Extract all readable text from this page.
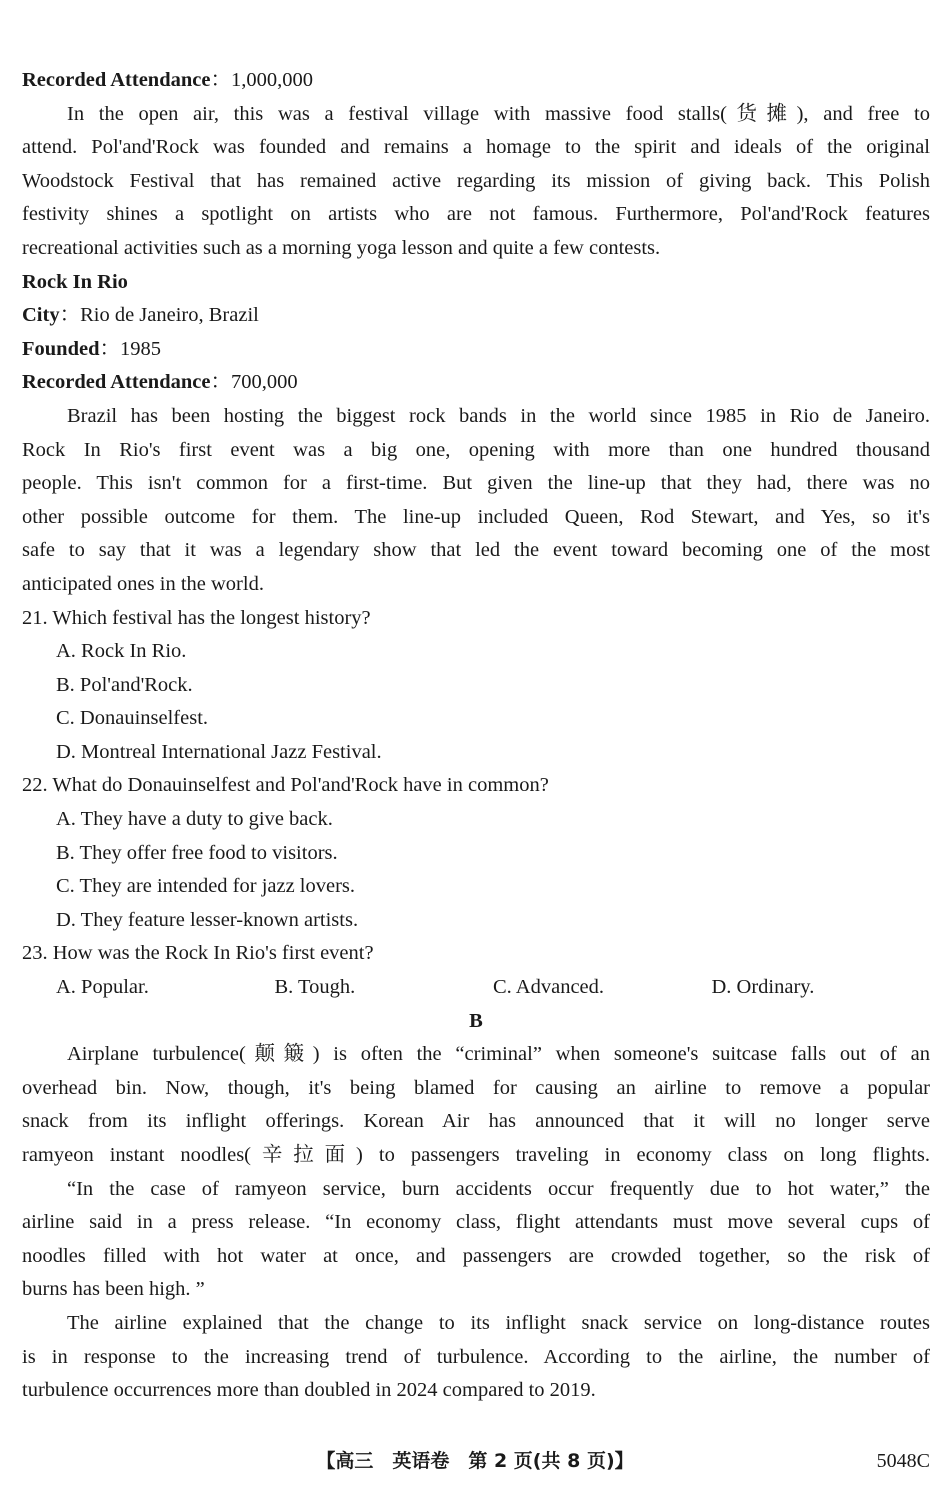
Recorded Attendance：1,000,000
In the open air, this was a festival village with massive food stalls(货摊), and free to
attend. Pol'and'Rock was founded and remains a homage to the spirit and ideals of the original
Woodstock Festival that has remained active regarding its mission of giving back. This Polish
festivity shines a spotlight on artists who are not famous. Furthermore, Pol'and'Rock features
recreational activities such as a morning yoga lesson and quite a few contests.
Rock In Rio
City：Rio de Janeiro, Brazil
Founded：1985
Recorded Attendance：700,000
Brazil has been hosting the biggest rock bands in the world since 1985 in Rio de Janeiro.
Rock In Rio's first event was a big one, opening with more than one hundred thousand
people. This isn't common for a first-time. But given the line-up that they had, there was no
other possible outcome for them. The line-up included Queen, Rod Stewart, and Yes, so it's
safe to say that it was a legendary show that led the event toward becoming one of the most
anticipated ones in the world.
21. Which festival has the longest history?
A. Rock In Rio.
B. Pol'and'Rock.
C. Donauinselfest.
D. Montreal International Jazz Festival.
22. What do Donauinselfest and Pol'and'Rock have in common?
A. They have a duty to give back.
B. They offer free food to visitors.
C. They are intended for jazz lovers.
D. They feature lesser-known artists.
23. How was the Rock In Rio's first event?
A. Popular.	B. Tough.	C. Advanced.	D. Ordinary.
B
Airplane turbulence(颠簸) is often the “criminal” when someone's suitcase falls out of an
overhead bin. Now, though, it's being blamed for causing an airline to remove a popular
snack from its inflight offerings. Korean Air has announced that it will no longer serve
ramyeon instant noodles(辛拉面) to passengers traveling in economy class on long flights.
“In the case of ramyeon service, burn accidents occur frequently due to hot water,” the
airline said in a press release. “In economy class, flight attendants must move several cups of
noodles filled with hot water at once, and passengers are crowded together, so the risk of
burns has been high. ”
The airline explained that the change to its inflight snack service on long-distance routes
is in response to the increasing trend of turbulence. According to the airline, the number of
turbulence occurrences more than doubled in 2024 compared to 2019.
【高三　英语卷　第 2 页(共 8 页)】	5048C
